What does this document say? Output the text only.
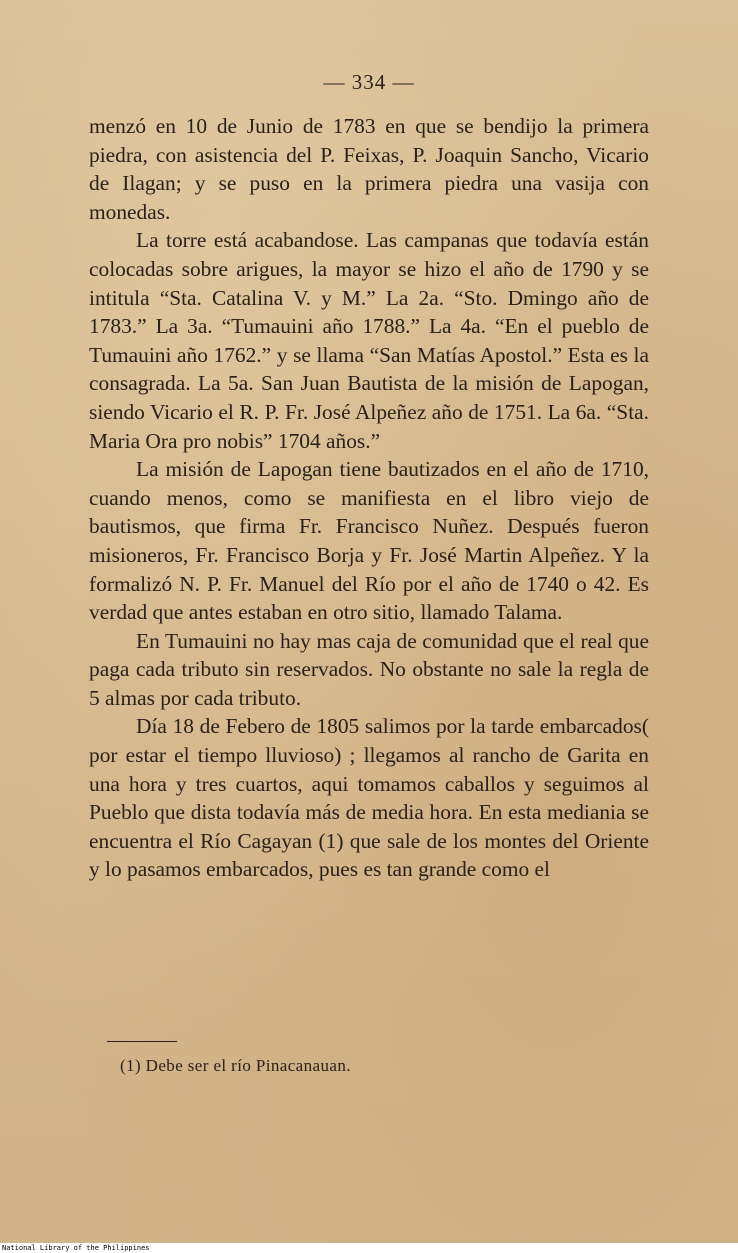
— 334 —

menzó en 10 de Junio de 1783 en que se bendijo la primera piedra, con asistencia del P. Feixas, P. Joaquin Sancho, Vicario de Ilagan; y se puso en la primera piedra una vasija con monedas.

La torre está acabandose. Las campanas que todavía están colocadas sobre arigues, la mayor se hizo el año de 1790 y se intitula “Sta. Catalina V. y M.” La 2a. “Sto. Dmingo año de 1783.” La 3a. “Tumauini año 1788.” La 4a. “En el pueblo de Tumauini año 1762.” y se llama “San Matías Apostol.” Esta es la consagrada. La 5a. San Juan Bautista de la misión de Lapogan, siendo Vicario el R. P. Fr. José Alpeñez año de 1751. La 6a. “Sta. Maria Ora pro nobis” 1704 años.”

La misión de Lapogan tiene bautizados en el año de 1710, cuando menos, como se manifiesta en el libro viejo de bautismos, que firma Fr. Francisco Nuñez. Después fueron misioneros, Fr. Francisco Borja y Fr. José Martin Alpeñez. Y la formalizó N. P. Fr. Manuel del Río por el año de 1740 o 42. Es verdad que antes estaban en otro sitio, llamado Talama.

En Tumauini no hay mas caja de comunidad que el real que paga cada tributo sin reservados. No obstante no sale la regla de 5 almas por cada tributo.

Día 18 de Febero de 1805 salimos por la tarde embarcados( por estar el tiempo lluvioso) ; llegamos al rancho de Garita en una hora y tres cuartos, aqui tomamos caballos y seguimos al Pueblo que dista todavía más de media hora. En esta mediania se encuentra el Río Cagayan (1) que sale de los montes del Oriente y lo pasamos embarcados, pues es tan grande como el

(1) Debe ser el río Pinacanauan.
National Library of the Philippines
